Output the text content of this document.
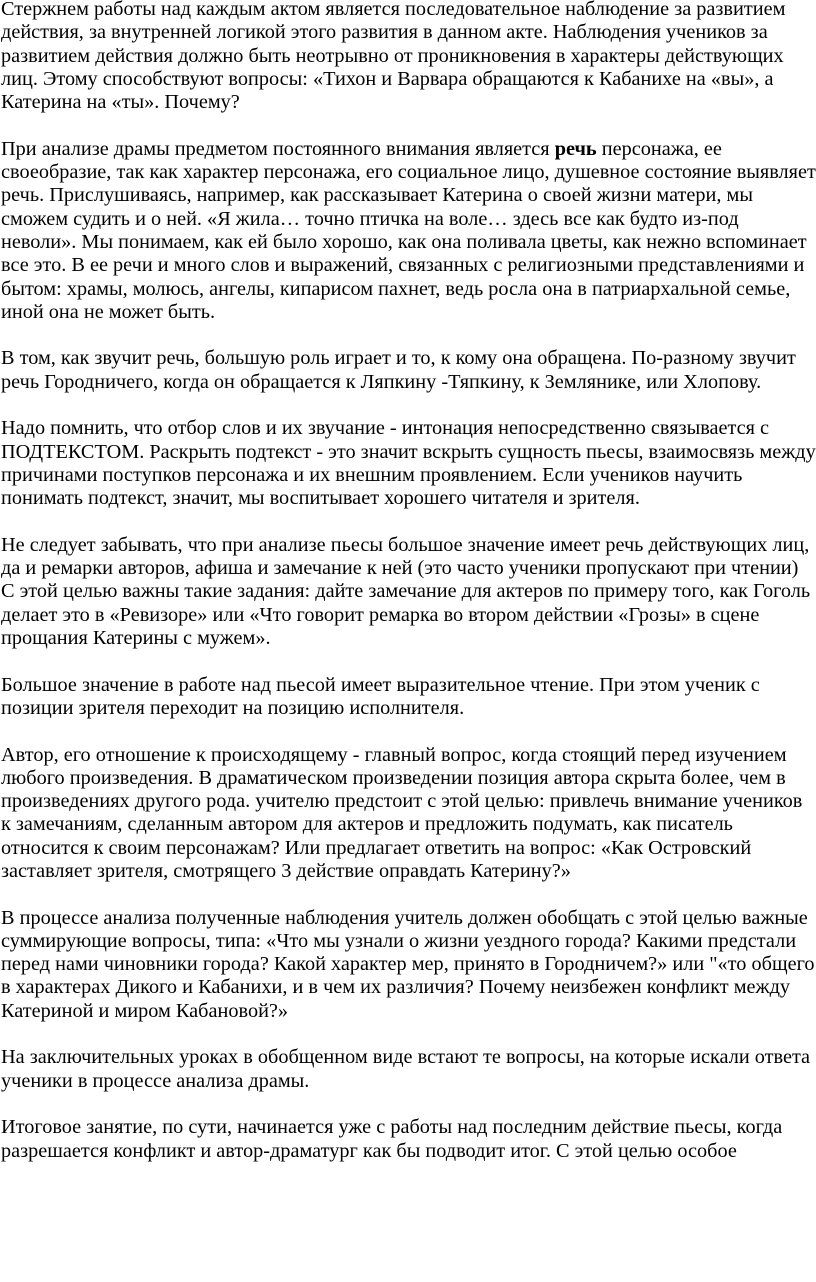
Стержнем работы над каждым актом является последовательное наблюдение за развитием действия, за внутренней логикой этого развития в данном акте. Наблюдения учеников за развитием действия должно быть неотрывно от проникновения в характеры действующих лиц. Этому способствуют вопросы: «Тихон и Варвара обращаются к Кабанихе на «вы», а Катерина на «ты». Почему?

При анализе драмы предметом постоянного внимания является речь персонажа, ее своеобразие, так как характер персонажа, его социальное лицо, душевное состояние выявляет речь. Прислушиваясь, например, как рассказывает Катерина о своей жизни матери, мы сможем судить и о ней. «Я жила… точно птичка на воле… здесь все как будто из-под неволи». Мы понимаем, как ей было хорошо, как она поливала цветы, как нежно вспоминает все это. В ее речи и много слов и выражений, связанных с религиозными представлениями и бытом: храмы, молюсь, ангелы, кипарисом пахнет, ведь росла она в патриархальной семье, иной она не может быть.

В том, как звучит речь, большую роль играет и то, к кому она обращена. По-разному звучит речь Городничего, когда он обращается к Ляпкину -Тяпкину, к Землянике, или Хлопову.

Надо помнить, что отбор слов и их звучание - интонация непосредственно связывается с ПОДТЕКСТОМ. Раскрыть подтекст - это значит вскрыть сущность пьесы, взаимосвязь между причинами поступков персонажа и их внешним проявлением. Если учеников научить понимать подтекст, значит, мы воспитывает хорошего читателя и зрителя.

Не следует забывать, что при анализе пьесы большое значение имеет речь действующих лиц, да и ремарки авторов, афиша и замечание к ней (это часто ученики пропускают при чтении) С этой целью важны такие задания: дайте замечание для актеров по примеру того, как Гоголь делает это в «Ревизоре» или «Что говорит ремарка во втором действии «Грозы» в сцене прощания Катерины с мужем».

Большое значение в работе над пьесой имеет выразительное чтение. При этом ученик с позиции зрителя переходит на позицию исполнителя.

Автор, его отношение к происходящему - главный вопрос, когда стоящий перед изучением любого произведения. В драматическом произведении позиция автора скрыта более, чем в произведениях другого рода. учителю предстоит с этой целью: привлечь внимание учеников к замечаниям, сделанным автором для актеров и предложить подумать, как писатель относится к своим персонажам? Или предлагает ответить на вопрос: «Как Островский заставляет зрителя, смотрящего 3 действие оправдать Катерину?»

В процессе анализа полученные наблюдения учитель должен обобщать с этой целью важные суммирующие вопросы, типа: «Что мы узнали о жизни уездного города? Какими предстали перед нами чиновники города? Какой характер мер, принято в Городничем?» или "«то общего в характерах Дикого и Кабанихи, и в чем их различия? Почему неизбежен конфликт между Катериной и миром Кабановой?»

На заключительных уроках в обобщенном виде встают те вопросы, на которые искали ответа ученики в процессе анализа драмы.

Итоговое занятие, по сути, начинается уже с работы над последним действие пьесы, когда разрешается конфликт и автор-драматург как бы подводит итог. С этой целью особое
